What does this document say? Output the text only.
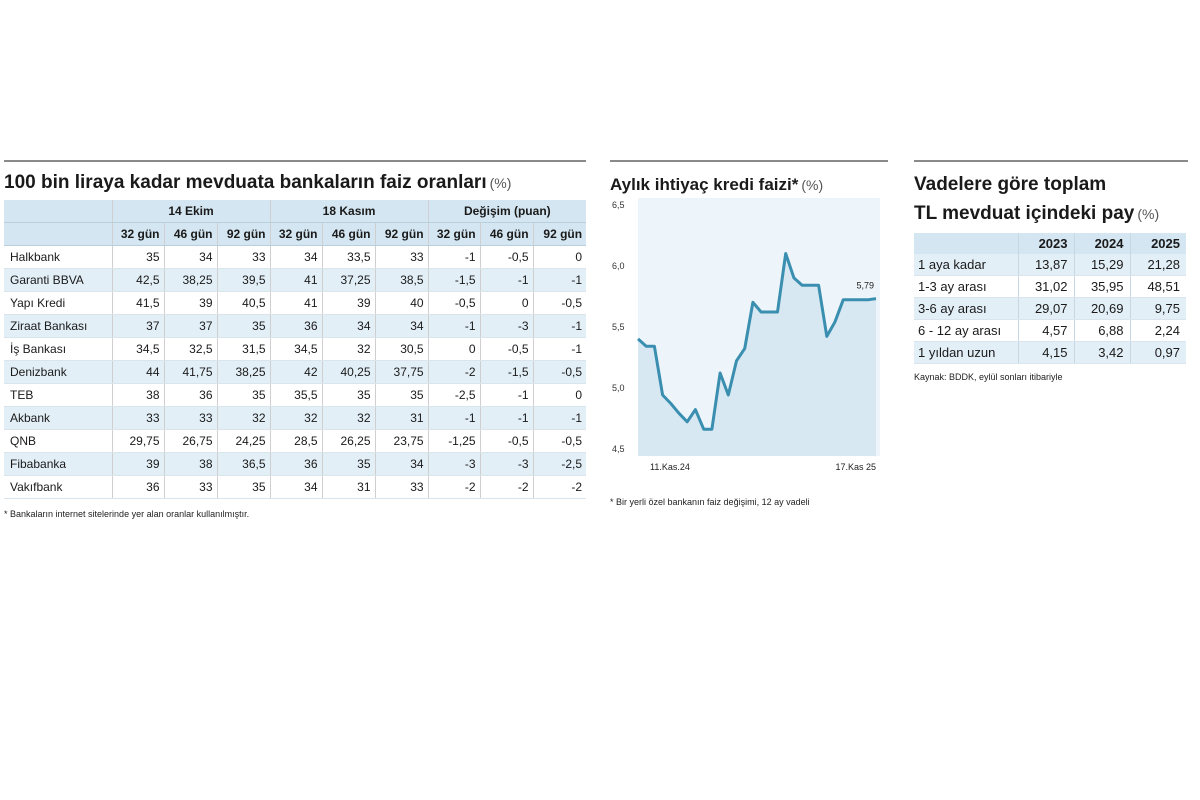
100 bin liraya kadar mevduata bankaların faiz oranları (%)
	14 Ekim			18 Kasım			Değişim (puan)		
	32 gün	46 gün	92 gün	32 gün	46 gün	92 gün	32 gün	46 gün	92 gün
Halkbank	35	34	33	34	33,5	33	-1	-0,5	0
Garanti BBVA	42,5	38,25	39,5	41	37,25	38,5	-1,5	-1	-1
Yapı Kredi	41,5	39	40,5	41	39	40	-0,5	0	-0,5
Ziraat Bankası	37	37	35	36	34	34	-1	-3	-1
İş Bankası	34,5	32,5	31,5	34,5	32	30,5	0	-0,5	-1
Denizbank	44	41,75	38,25	42	40,25	37,75	-2	-1,5	-0,5
TEB	38	36	35	35,5	35	35	-2,5	-1	0
Akbank	33	33	32	32	32	31	-1	-1	-1
QNB	29,75	26,75	24,25	28,5	26,25	23,75	-1,25	-0,5	-0,5
Fibabanka	39	38	36,5	36	35	34	-3	-3	-2,5
Vakıfbank	36	33	35	34	31	33	-2	-2	-2
* Bankaların internet sitelerinde yer alan oranlar kullanılmıştır.
Aylık ihtiyaç kredi faizi* (%)
6,5
6,0
5,5
5,0
4,5
5,79
11.Kas.24	17.Kas 25
* Bir yerli özel bankanın faiz değişimi, 12 ay vadeli
Vadelere göre toplam
TL mevduat içindeki pay (%)
	2023	2024	2025
1 aya kadar	13,87	15,29	21,28
1-3 ay arası	31,02	35,95	48,51
3-6 ay arası	29,07	20,69	9,75
6 - 12 ay arası	4,57	6,88	2,24
1 yıldan uzun	4,15	3,42	0,97
Kaynak: BDDK, eylül sonları itibariyle
